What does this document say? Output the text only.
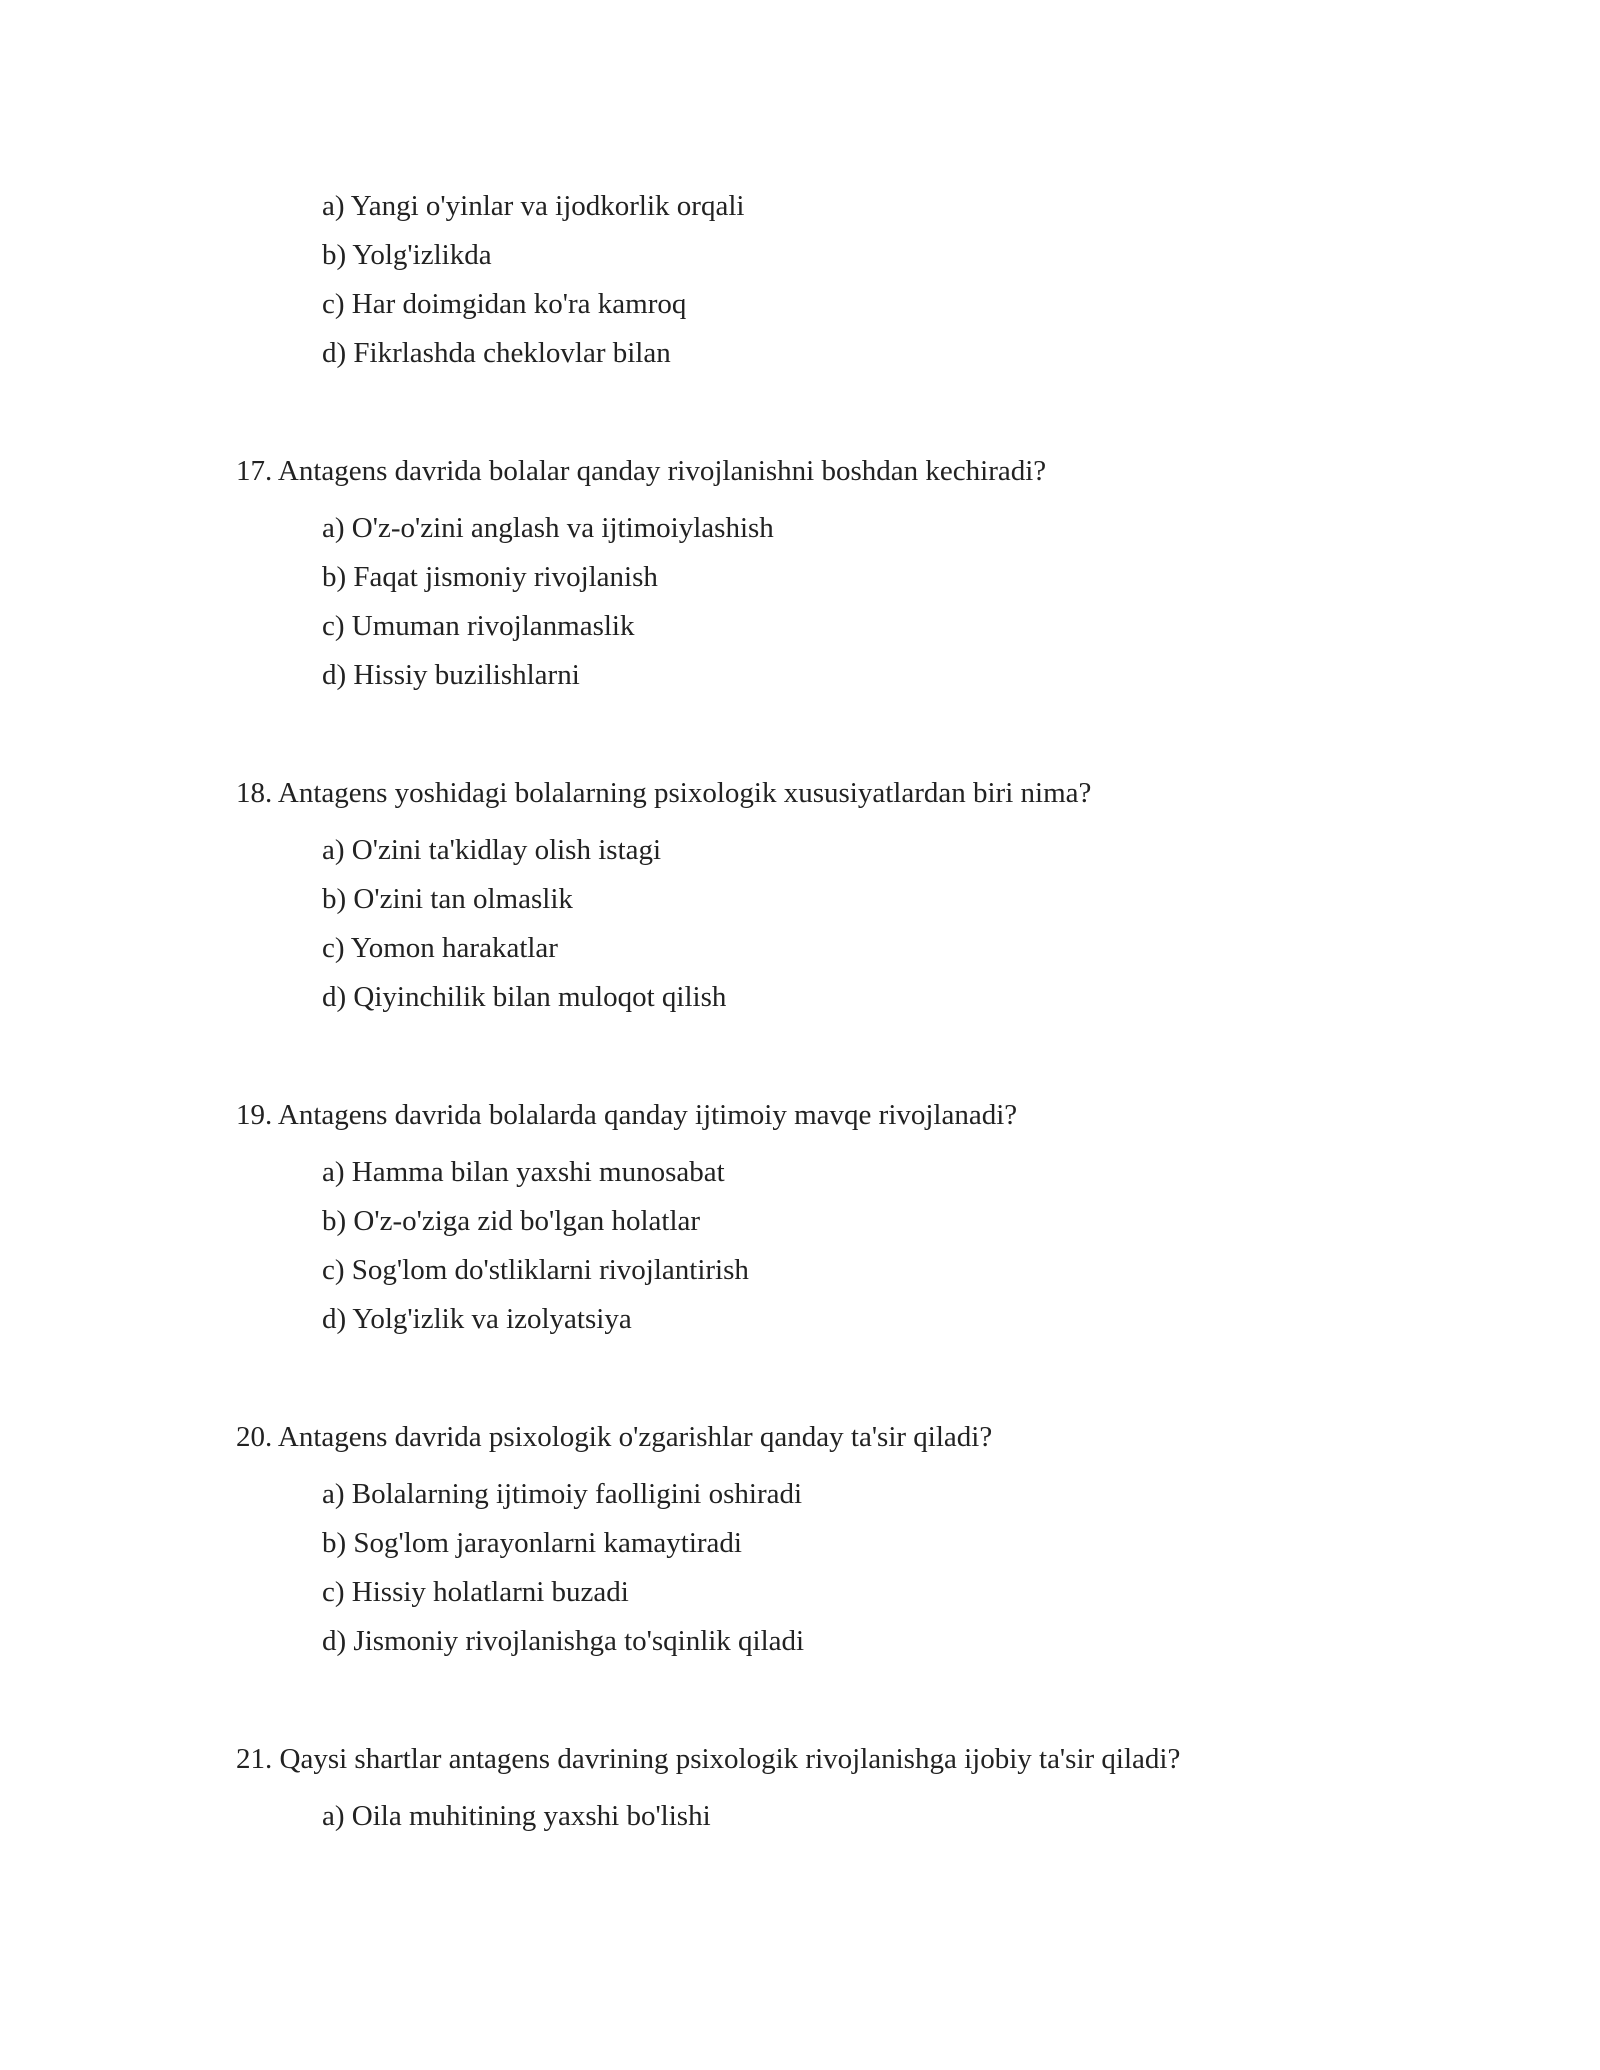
a) Yangi o'yinlar va ijodkorlik orqali
b) Yolg'izlikda
c) Har doimgidan ko'ra kamroq
d) Fikrlashda cheklovlar bilan
17. Antagens davrida bolalar qanday rivojlanishni boshdan kechiradi?
a) O'z-o'zini anglash va ijtimoiylashish
b) Faqat jismoniy rivojlanish
c) Umuman rivojlanmaslik
d) Hissiy buzilishlarni
18. Antagens yoshidagi bolalarning psixologik xususiyatlardan biri nima?
a) O'zini ta'kidlay olish istagi
b) O'zini tan olmaslik
c) Yomon harakatlar
d) Qiyinchilik bilan muloqot qilish
19. Antagens davrida bolalarda qanday ijtimoiy mavqe rivojlanadi?
a) Hamma bilan yaxshi munosabat
b) O'z-o'ziga zid bo'lgan holatlar
c) Sog'lom do'stliklarni rivojlantirish
d) Yolg'izlik va izolyatsiya
20. Antagens davrida psixologik o'zgarishlar qanday ta'sir qiladi?
a) Bolalarning ijtimoiy faolligini oshiradi
b) Sog'lom jarayonlarni kamaytiradi
c) Hissiy holatlarni buzadi
d) Jismoniy rivojlanishga to'sqinlik qiladi
21. Qaysi shartlar antagens davrining psixologik rivojlanishga ijobiy ta'sir qiladi?
a) Oila muhitining yaxshi bo'lishi
